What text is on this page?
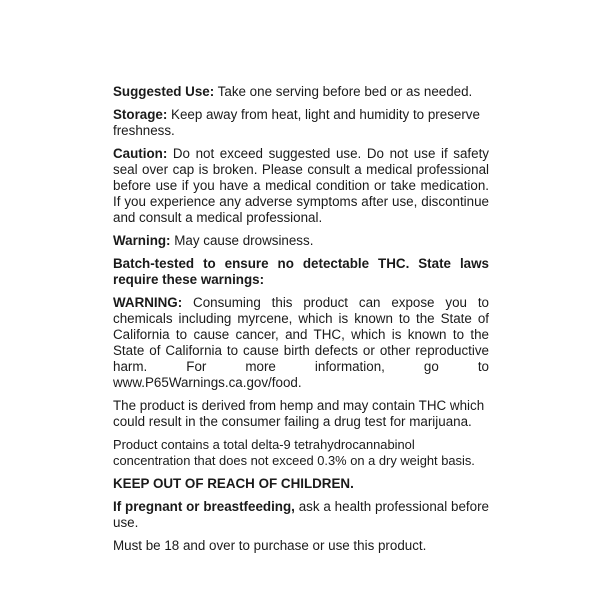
Suggested Use: Take one serving before bed or as needed.

Storage: Keep away from heat, light and humidity to preserve freshness.

Caution: Do not exceed suggested use. Do not use if safety seal over cap is broken. Please consult a medical professional before use if you have a medical condition or take medication. If you experience any adverse symptoms after use, discontinue and consult a medical professional.

Warning: May cause drowsiness.

Batch-tested to ensure no detectable THC. State laws require these warnings:

WARNING: Consuming this product can expose you to chemicals including myrcene, which is known to the State of California to cause cancer, and THC, which is known to the State of California to cause birth defects or other reproductive harm. For more information, go to www.P65Warnings.ca.gov/food.

The product is derived from hemp and may contain THC which could result in the consumer failing a drug test for marijuana.

Product contains a total delta-9 tetrahydrocannabinol concentration that does not exceed 0.3% on a dry weight basis.

KEEP OUT OF REACH OF CHILDREN.

If pregnant or breastfeeding, ask a health professional before use.

Must be 18 and over to purchase or use this product.
